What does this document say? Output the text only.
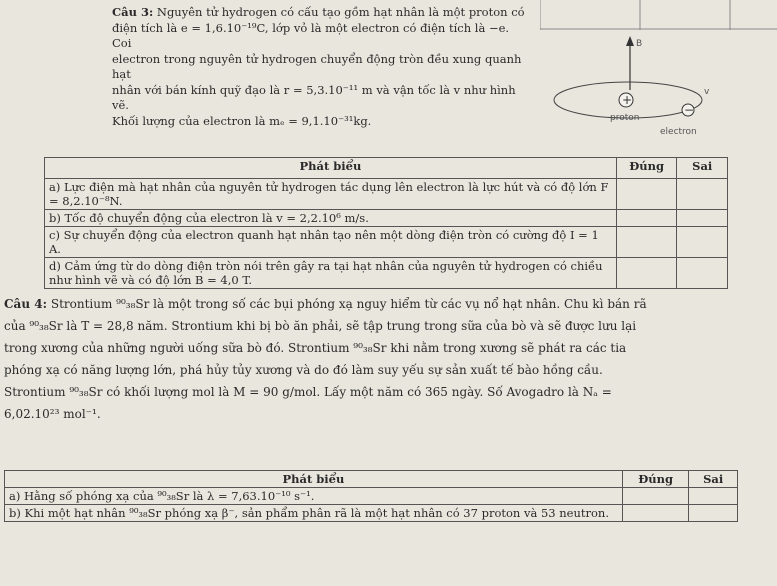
Câu 3: Nguyên tử hydrogen có cấu tạo gồm hạt nhân là một proton có

điện tích là e = 1,6.10⁻¹⁹C, lớp vỏ là một electron có điện tích là −e. Coi

electron trong nguyên tử hydrogen chuyển động tròn đều xung quanh hạt

nhân với bán kính quỹ đạo là r = 5,3.10⁻¹¹ m và vận tốc là v như hình vẽ.

Khối lượng của electron là mₑ = 9,1.10⁻³¹kg.

B
+
proton
−
v
electron
Phát biểu	Đúng	Sai
a) Lực điện mà hạt nhân của nguyên tử hydrogen tác dụng lên electron là lực hút và có độ lớn F = 8,2.10⁻⁸N.		
b) Tốc độ chuyển động của electron là v = 2,2.10⁶ m/s.		
c) Sự chuyển động của electron quanh hạt nhân tạo nên một dòng điện tròn có cường độ I = 1 A.		
d) Cảm ứng từ do dòng điện tròn nói trên gây ra tại hạt nhân của nguyên tử hydrogen có chiều như hình vẽ và có độ lớn B = 4,0 T.		

Câu 4: Strontium ⁹⁰₃₈Sr là một trong số các bụi phóng xạ nguy hiểm từ các vụ nổ hạt nhân. Chu kì bán rã

của ⁹⁰₃₈Sr là T = 28,8 năm. Strontium khi bị bò ăn phải, sẽ tập trung trong sữa của bò và sẽ được lưu lại

trong xương của những người uống sữa bò đó. Strontium ⁹⁰₃₈Sr khi nằm trong xương sẽ phát ra các tia

phóng xạ có năng lượng lớn, phá hủy tủy xương và do đó làm suy yếu sự sản xuất tế bào hồng cầu.

Strontium ⁹⁰₃₈Sr có khối lượng mol là M = 90 g/mol. Lấy một năm có 365 ngày. Số Avogadro là Nₐ =

6,02.10²³ mol⁻¹.

Phát biểu	Đúng	Sai
a) Hằng số phóng xạ của ⁹⁰₃₈Sr là λ = 7,63.10⁻¹⁰ s⁻¹.		
b) Khi một hạt nhân ⁹⁰₃₈Sr phóng xạ β⁻, sản phẩm phân rã là một hạt nhân có 37 proton và 53 neutron.		
